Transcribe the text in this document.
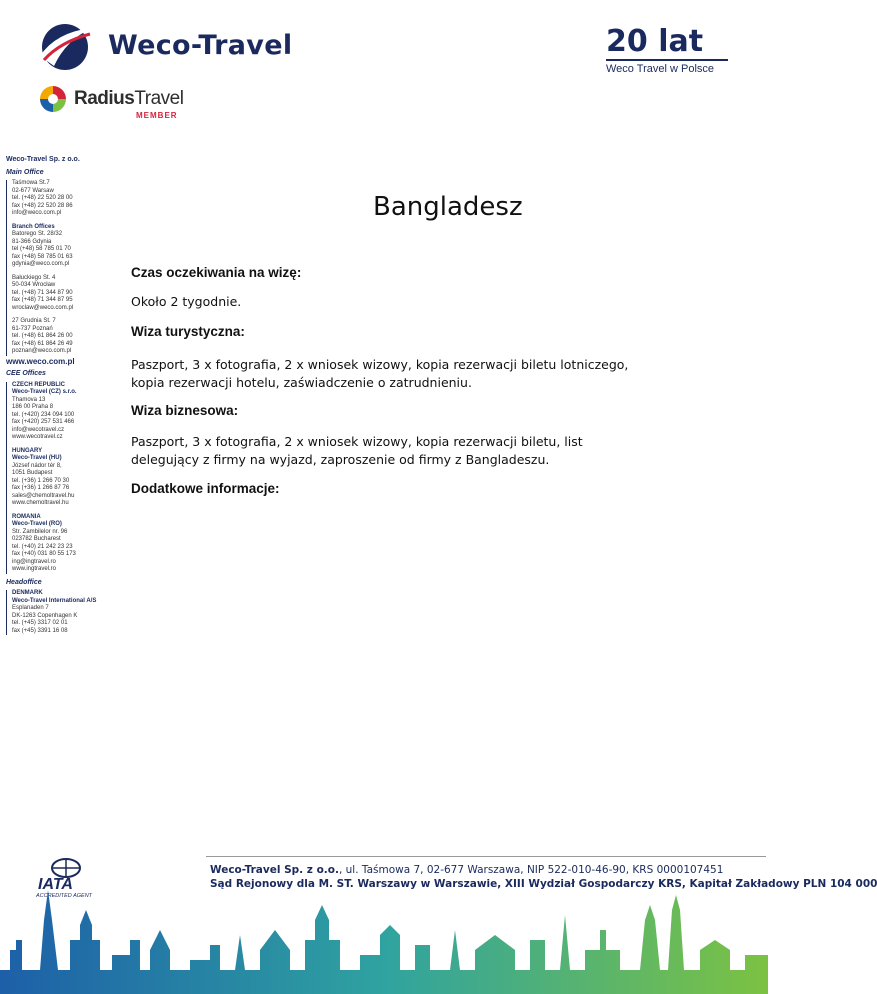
Weco-Travel	20 lat
Weco Travel w Polsce
RadiusTravel
MEMBER
Weco-Travel Sp. z o.o.
Main Office
Taśmowa St.7
02-677 Warsaw
tel. (+48) 22 520 28 00
fax (+48) 22 520 28 86
info@weco.com.pl
Branch Offices
Batorego St. 28/32
81-366 Gdynia
tel (+48) 58 785 01 70
fax (+48) 58 785 01 63
gdynia@weco.com.pl
Bałuckiego St. 4
50-034 Wrocław
tel. (+48) 71 344 87 90
fax (+48) 71 344 87 95
wroclaw@weco.com.pl
27 Grudnia St. 7
61-737 Poznań
tel. (+48) 61 864 26 00
fax (+48) 61 864 26 49
poznan@weco.com.pl
www.weco.com.pl
CEE Offices
CZECH REPUBLIC
Weco-Travel (CZ) s.r.o.
Thamova 13
186 00 Praha 8
tel. (+420) 234 094 100
fax (+420) 257 531 466
info@wecotravel.cz
www.wecotravel.cz
HUNGARY
Weco-Travel (HU)
József nádor tér 8,
1051 Budapest
tel. (+36) 1 266 70 30
fax (+36) 1 266 87 76
sales@chemoltravel.hu
www.chemoltravel.hu
ROMANIA
Weco-Travel (RO)
Str. Zambilelor nr. 96
023782 Bucharest
tel. (+40) 21 242 23 23
fax (+40) 031 80 55 173
ing@ingtravel.ro
www.ingtravel.ro
Headoffice
DENMARK
Weco-Travel International A/S
Esplanaden 7
DK-1263 Copenhagen K
tel. (+45) 3317 02 01
fax (+45) 3391 16 08
Bangladesz
Czas oczekiwania na wizę:
Około 2 tygodnie.
Wiza turystyczna:
Paszport, 3 x fotografia, 2 x wniosek wizowy, kopia rezerwacji biletu lotniczego, kopia rezerwacji hotelu, zaświadczenie o zatrudnieniu.
Wiza biznesowa:
Paszport, 3 x fotografia, 2 x wniosek wizowy, kopia rezerwacji biletu, list delegujący z firmy na wyjazd, zaproszenie od firmy z Bangladeszu.
Dodatkowe informacje:
Weco-Travel Sp. z o.o., ul. Taśmowa 7, 02-677 Warszawa, NIP 522-010-46-90, KRS 0000107451
Sąd Rejonowy dla M. ST. Warszawy w Warszawie, XIII Wydział Gospodarczy KRS, Kapitał Zakładowy PLN 104 000
IATA
ACCREDITED AGENT
